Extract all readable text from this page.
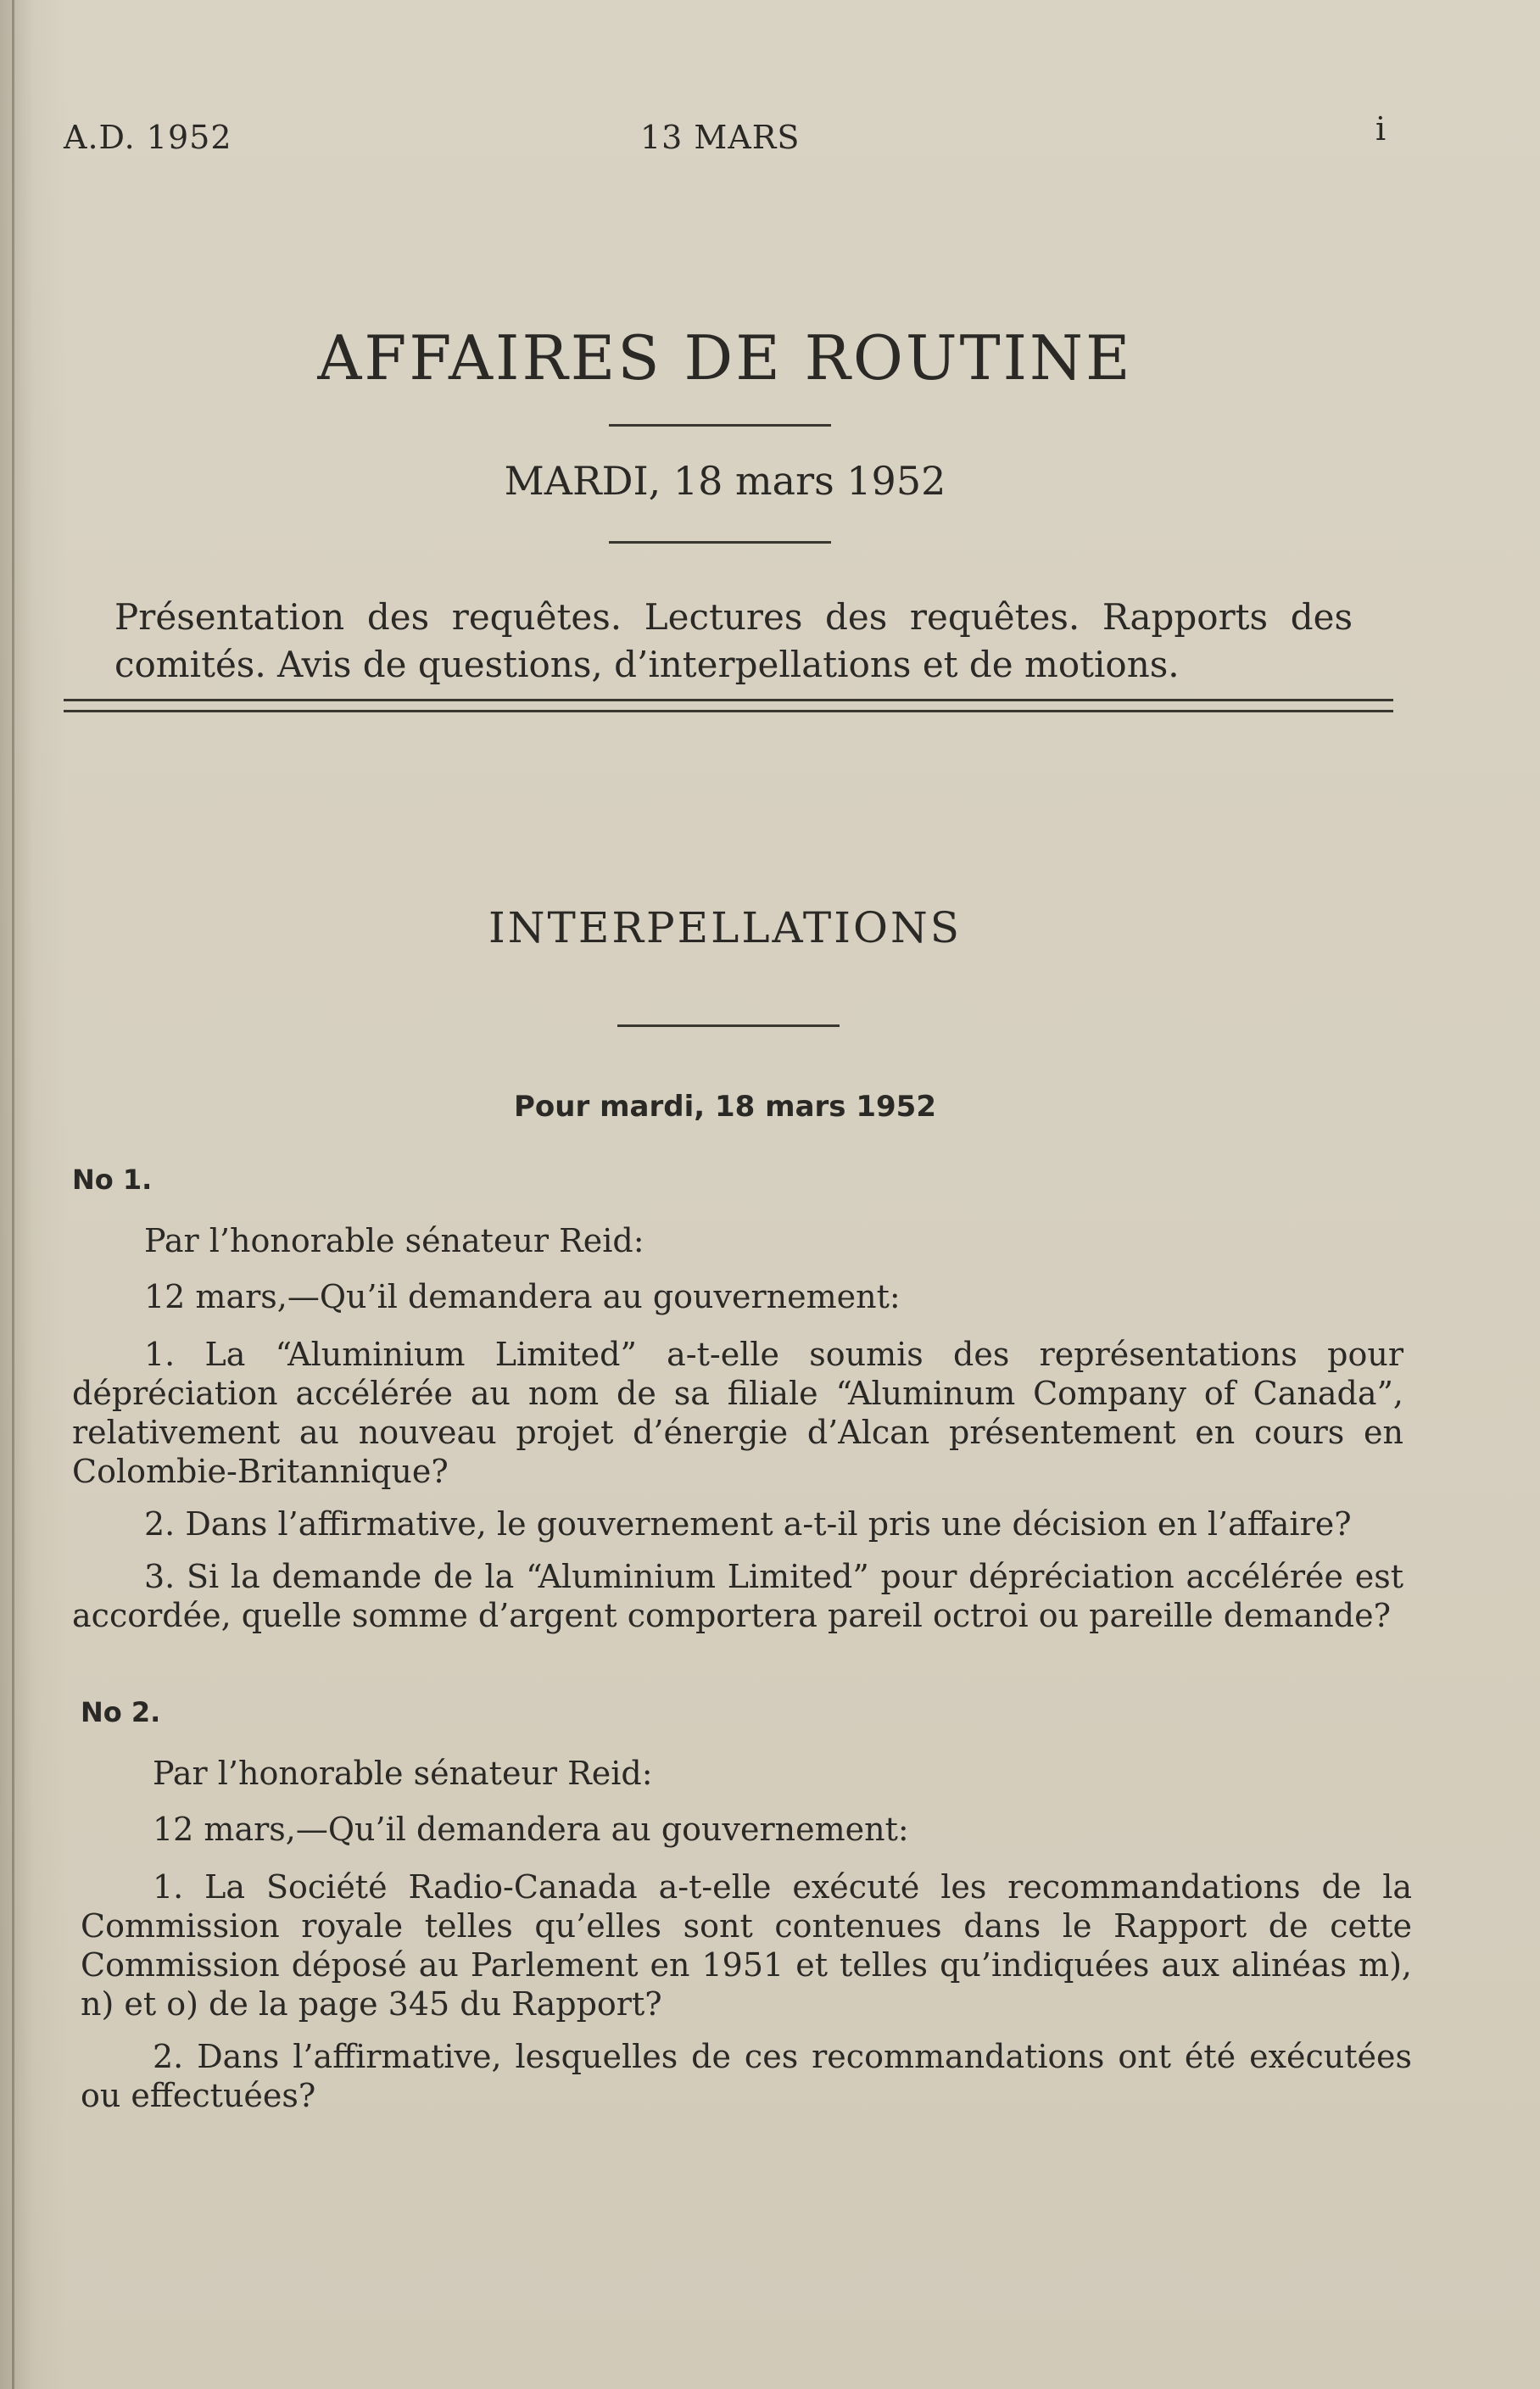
A.D. 1952	13 MARS	i
AFFAIRES DE ROUTINE
MARDI, 18 mars 1952
Présentation des requêtes. Lectures des requêtes. Rapports des comités. Avis de questions, d’interpellations et de motions.
INTERPELLATIONS
Pour mardi, 18 mars 1952
No 1.
Par l’honorable sénateur Reid:
12 mars,—Qu’il demandera au gouvernement:
1. La “Aluminium Limited” a-t-elle soumis des représentations pour dépréciation accélérée au nom de sa filiale “Aluminum Company of Canada”, relativement au nouveau projet d’énergie d’Alcan présentement en cours en Colombie-Britannique?
2. Dans l’affirmative, le gouvernement a-t-il pris une décision en l’affaire?
3. Si la demande de la “Aluminium Limited” pour dépréciation accélérée est accordée, quelle somme d’argent comportera pareil octroi ou pareille demande?
No 2.
Par l’honorable sénateur Reid:
12 mars,—Qu’il demandera au gouvernement:
1. La Société Radio-Canada a-t-elle exécuté les recommandations de la Commission royale telles qu’elles sont contenues dans le Rapport de cette Commission déposé au Parlement en 1951 et telles qu’indiquées aux alinéas m), n) et o) de la page 345 du Rapport?
2. Dans l’affirmative, lesquelles de ces recommandations ont été exécutées ou effectuées?
